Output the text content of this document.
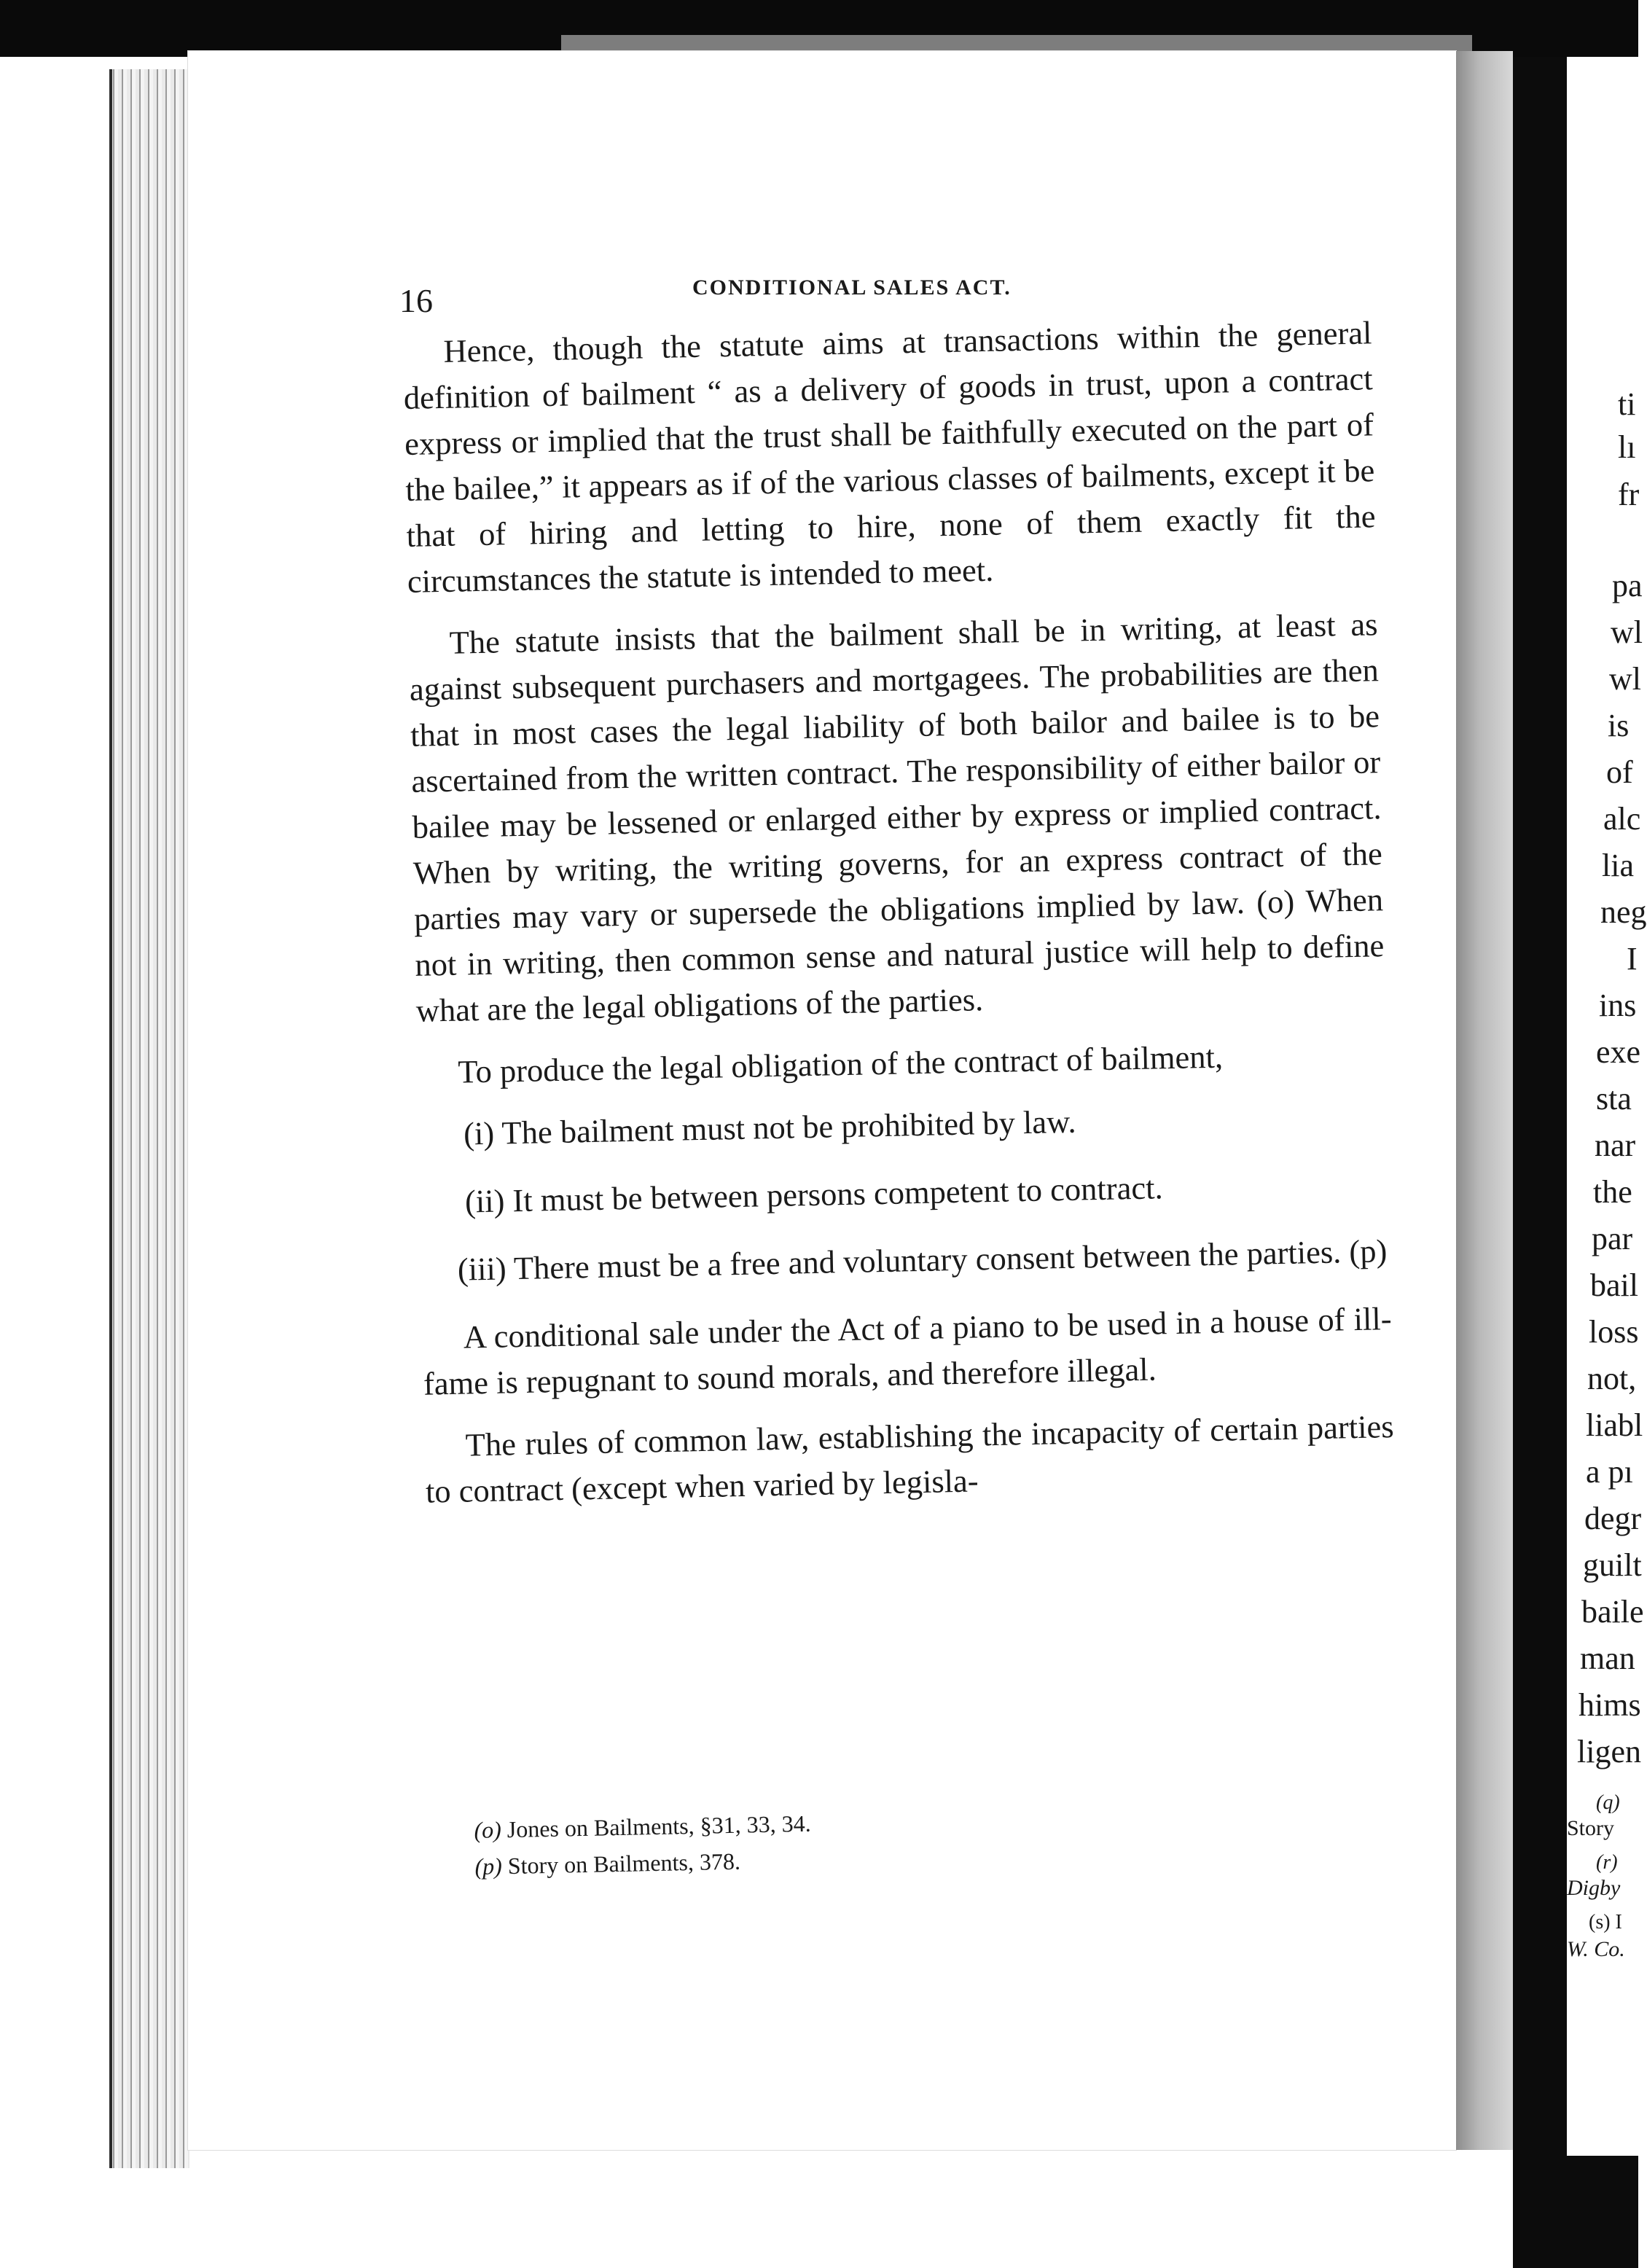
16	CONDITIONAL SALES ACT.

Hence, though the statute aims at transactions within the general definition of bailment “ as a delivery of goods in trust, upon a contract express or implied that the trust shall be faithfully executed on the part of the bailee,” it appears as if of the various classes of bailments, except it be that of hiring and letting to hire, none of them exactly fit the circumstances the statute is intended to meet.

The statute insists that the bailment shall be in writing, at least as against subsequent purchasers and mortgagees. The probabilities are then that in most cases the legal liability of both bailor and bailee is to be ascertained from the written contract. The responsibility of either bailor or bailee may be lessened or enlarged either by express or implied contract. When by writing, the writing governs, for an express contract of the parties may vary or supersede the obligations implied by law. (o) When not in writing, then common sense and natural justice will help to define what are the legal obligations of the parties.

To produce the legal obligation of the contract of bailment,

(i) The bailment must not be prohibited by law.

(ii) It must be between persons competent to contract.

(iii) There must be a free and voluntary consent between the parties. (p)

A conditional sale under the Act of a piano to be used in a house of ill-fame is repugnant to sound morals, and therefore illegal.

The rules of common law, establishing the incapacity of certain parties to contract (except when varied by legisla-

(o) Jones on Bailments, §31, 33, 34.
(p) Story on Bailments, 378.
ti
lı
fr
pa
wl
wl
is
of
alc
lia
neg
I
ins
exe
sta
nar
the
par
bail
loss
not,
liabl
a pı
degr
guilt
baile
man
hims
ligen
(q)
Story
(r)
Digby
(s) I
W. Co.
